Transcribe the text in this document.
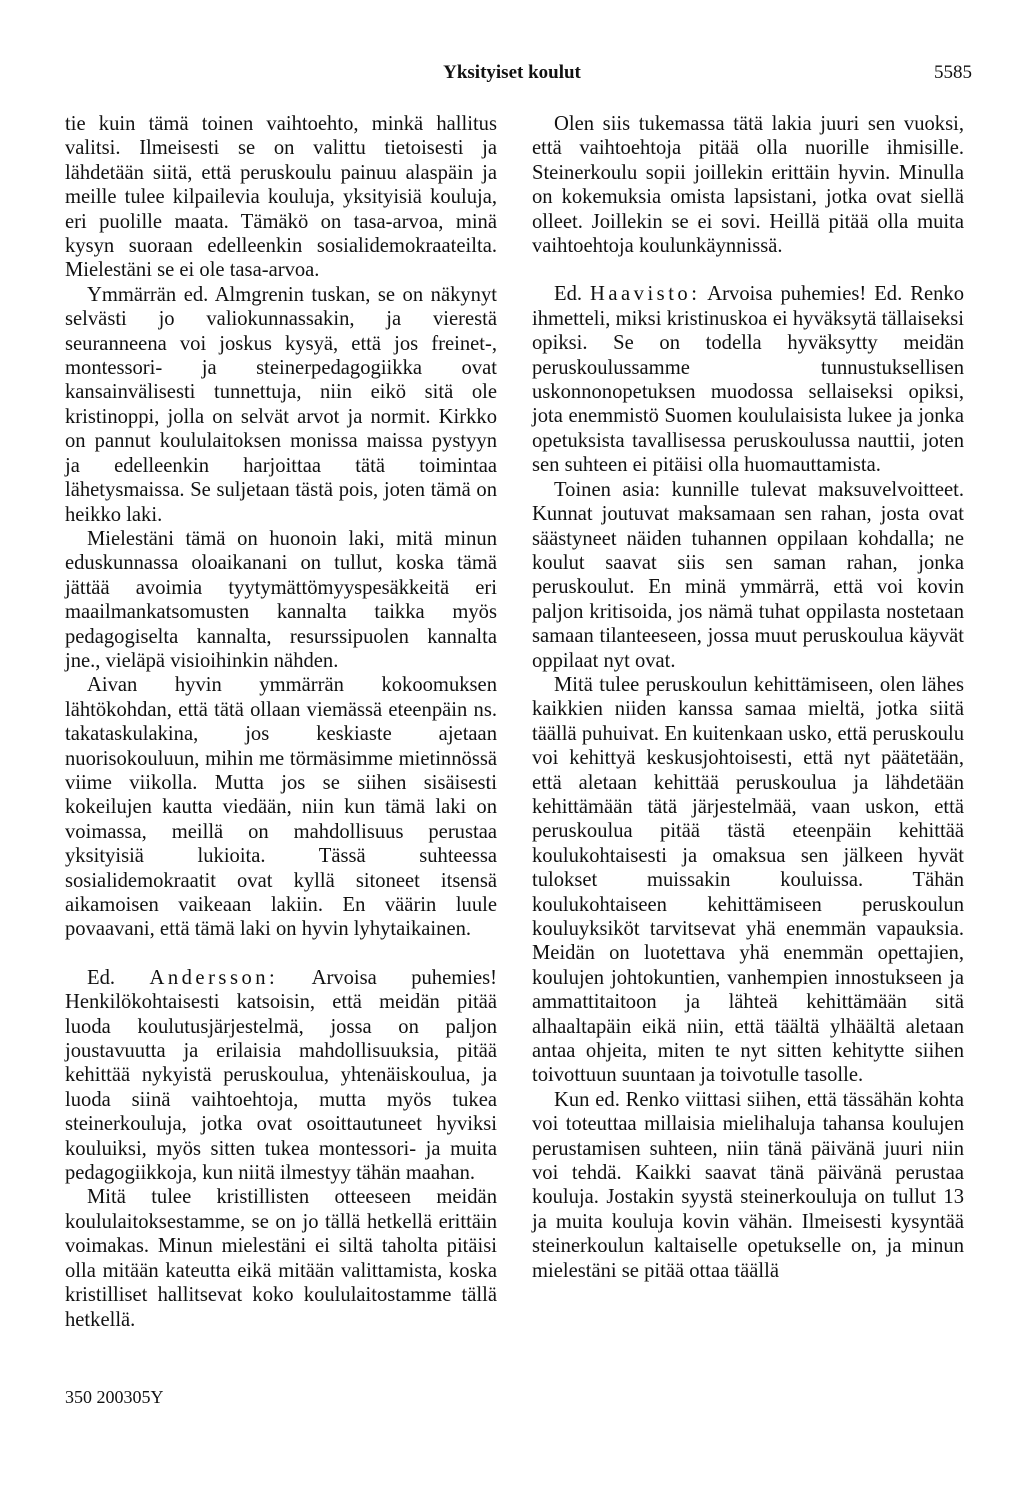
Yksityiset koulut	5585

tie kuin tämä toinen vaihtoehto, minkä hallitus valitsi. Ilmeisesti se on valittu tietoisesti ja lähdetään siitä, että peruskoulu painuu alaspäin ja meille tulee kilpailevia kouluja, yksityisiä kouluja, eri puolille maata. Tämäkö on tasa-arvoa, minä kysyn suoraan edelleenkin sosialidemokraateilta. Mielestäni se ei ole tasa-arvoa.

Ymmärrän ed. Almgrenin tuskan, se on näkynyt selvästi jo valiokunnassakin, ja vierestä seuranneena voi joskus kysyä, että jos freinet-, montessori- ja steinerpedagogiikka ovat kansainvälisesti tunnettuja, niin eikö sitä ole kristinoppi, jolla on selvät arvot ja normit. Kirkko on pannut koululaitoksen monissa maissa pystyyn ja edelleenkin harjoittaa tätä toimintaa lähetysmaissa. Se suljetaan tästä pois, joten tämä on heikko laki.

Mielestäni tämä on huonoin laki, mitä minun eduskunnassa oloaikanani on tullut, koska tämä jättää avoimia tyytymättömyyspesäkkeitä eri maailmankatsomusten kannalta taikka myös pedagogiselta kannalta, resurssipuolen kannalta jne., vieläpä visioihinkin nähden.

Aivan hyvin ymmärrän kokoomuksen lähtökohdan, että tätä ollaan viemässä eteenpäin ns. takataskulakina, jos keskiaste ajetaan nuorisokouluun, mihin me törmäsimme mietinnössä viime viikolla. Mutta jos se siihen sisäisesti kokeilujen kautta viedään, niin kun tämä laki on voimassa, meillä on mahdollisuus perustaa yksityisiä lukioita. Tässä suhteessa sosialidemokraatit ovat kyllä sitoneet itsensä aikamoisen vaikeaan lakiin. En väärin luule povaavani, että tämä laki on hyvin lyhytaikainen.

Ed. Andersson: Arvoisa puhemies! Henkilökohtaisesti katsoisin, että meidän pitää luoda koulutusjärjestelmä, jossa on paljon joustavuutta ja erilaisia mahdollisuuksia, pitää kehittää nykyistä peruskoulua, yhtenäiskoulua, ja luoda siinä vaihtoehtoja, mutta myös tukea steinerkouluja, jotka ovat osoittautuneet hyviksi kouluiksi, myös sitten tukea montessori- ja muita pedagogiikkoja, kun niitä ilmestyy tähän maahan.

Mitä tulee kristillisten otteeseen meidän koululaitoksestamme, se on jo tällä hetkellä erittäin voimakas. Minun mielestäni ei siltä taholta pitäisi olla mitään kateutta eikä mitään valittamista, koska kristilliset hallitsevat koko koululaitostamme tällä hetkellä.

Olen siis tukemassa tätä lakia juuri sen vuoksi, että vaihtoehtoja pitää olla nuorille ihmisille. Steinerkoulu sopii joillekin erittäin hyvin. Minulla on kokemuksia omista lapsistani, jotka ovat siellä olleet. Joillekin se ei sovi. Heillä pitää olla muita vaihtoehtoja koulunkäynnissä.

Ed. Haavisto: Arvoisa puhemies! Ed. Renko ihmetteli, miksi kristinuskoa ei hyväksytä tällaiseksi opiksi. Se on todella hyväksytty meidän peruskoulussamme tunnustuksellisen uskonnonopetuksen muodossa sellaiseksi opiksi, jota enemmistö Suomen koululaisista lukee ja jonka opetuksista tavallisessa peruskoulussa nauttii, joten sen suhteen ei pitäisi olla huomauttamista.

Toinen asia: kunnille tulevat maksuvelvoitteet. Kunnat joutuvat maksamaan sen rahan, josta ovat säästyneet näiden tuhannen oppilaan kohdalla; ne koulut saavat siis sen saman rahan, jonka peruskoulut. En minä ymmärrä, että voi kovin paljon kritisoida, jos nämä tuhat oppilasta nostetaan samaan tilanteeseen, jossa muut peruskoulua käyvät oppilaat nyt ovat.

Mitä tulee peruskoulun kehittämiseen, olen lähes kaikkien niiden kanssa samaa mieltä, jotka siitä täällä puhuivat. En kuitenkaan usko, että peruskoulu voi kehittyä keskusjohtoisesti, että nyt päätetään, että aletaan kehittää peruskoulua ja lähdetään kehittämään tätä järjestelmää, vaan uskon, että peruskoulua pitää tästä eteenpäin kehittää koulukohtaisesti ja omaksua sen jälkeen hyvät tulokset muissakin kouluissa. Tähän koulukohtaiseen kehittämiseen peruskoulun kouluyksiköt tarvitsevat yhä enemmän vapauksia. Meidän on luotettava yhä enemmän opettajien, koulujen johtokuntien, vanhempien innostukseen ja ammattitaitoon ja lähteä kehittämään sitä alhaaltapäin eikä niin, että täältä ylhäältä aletaan antaa ohjeita, miten te nyt sitten kehitytte siihen toivottuun suuntaan ja toivotulle tasolle.

Kun ed. Renko viittasi siihen, että tässähän kohta voi toteuttaa millaisia mielihaluja tahansa koulujen perustamisen suhteen, niin tänä päivänä juuri niin voi tehdä. Kaikki saavat tänä päivänä perustaa kouluja. Jostakin syystä steinerkouluja on tullut 13 ja muita kouluja kovin vähän. Ilmeisesti kysyntää steinerkoulun kaltaiselle opetukselle on, ja minun mielestäni se pitää ottaa täällä

350 200305Y
